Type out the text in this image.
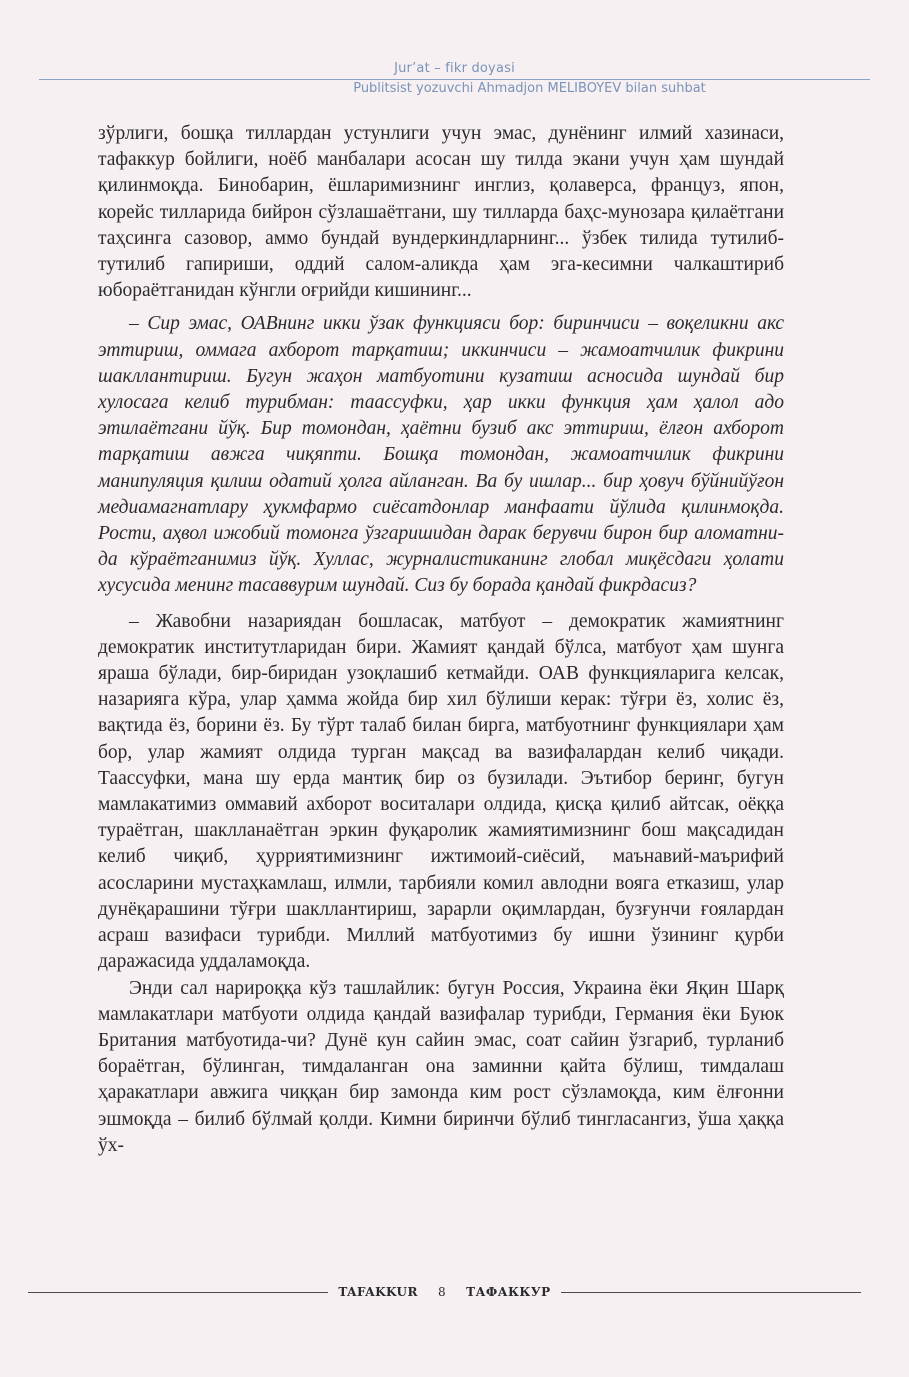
Jur’at – fikr doyasi
Publitsist yozuvchi Ahmadjon MELIBOYEV bilan suhbat

зўрлиги, бошқа тиллардан устунлиги учун эмас, дунёнинг илмий хазинаси, тафаккур бойлиги, ноёб манбалари асосан шу тилда экани учун ҳам шундай қилинмоқда. Бинобарин, ёшларимизнинг инглиз, қолаверса, француз, япон, корейс тилларида бийрон сўзлашаётгани, шу тилларда баҳс-мунозара қилаётгани таҳсинга сазовор, аммо бундай вундеркиндларнинг... ўзбек тилида тутилиб-тутилиб гапириши, оддий салом-аликда ҳам эга-кесимни чалкаштириб юбораётганидан кўнгли оғрийди кишининг...

– Сир эмас, ОАВнинг икки ўзак функцияси бор: биринчиси – воқеликни акс эттириш, оммага ахборот тарқатиш; иккинчиси – жамоатчилик фикрини шакллантириш. Бугун жаҳон матбуотини кузатиш асносида шундай бир хулосага келиб турибман: таассуфки, ҳар икки функция ҳам ҳалол адо этилаётгани йўқ. Бир томондан, ҳаётни бузиб акс эттириш, ёлғон ахборот тарқатиш авжга чиқяпти. Бошқа томондан, жамоатчилик фикрини манипуляция қилиш одатий ҳолга айланган. Ва бу ишлар... бир ҳовуч бўйнийўғон медиамагнатлару ҳукмфармо сиёсатдонлар манфаати йўлида қилинмоқда. Рости, аҳвол ижобий томонга ўзгаришидан дарак берувчи бирон бир аломатни-да кўраётганимиз йўқ. Хуллас, журналистиканинг глобал миқёсдаги ҳолати хусусида менинг тасаввурим шундай. Сиз бу борада қандай фикрдасиз?

– Жавобни назариядан бошласак, матбуот – демократик жамиятнинг демократик институтларидан бири. Жамият қандай бўлса, матбуот ҳам шунга яраша бўлади, бир-биридан узоқлашиб кетмайди. ОАВ функцияларига келсак, назарияга кўра, улар ҳамма жойда бир хил бўлиши керак: тўғри ёз, холис ёз, вақтида ёз, борини ёз. Бу тўрт талаб билан бирга, матбуотнинг функциялари ҳам бор, улар жамият олдида турган мақсад ва вазифалардан келиб чиқади. Таассуфки, мана шу ерда мантиқ бир оз бузилади. Эътибор беринг, бугун мамлакатимиз оммавий ахборот воситалари олдида, қисқа қилиб айтсак, оёққа тураётган, шаклланаётган эркин фуқаролик жамиятимизнинг бош мақсадидан келиб чиқиб, ҳурриятимизнинг ижтимоий-сиёсий, маънавий-маърифий асосларини мустаҳкамлаш, илмли, тарбияли комил авлодни вояга етказиш, улар дунёқарашини тўғри шакллантириш, зарарли оқимлардан, бузғунчи ғоялардан асраш вазифаси турибди. Миллий матбуотимиз бу ишни ўзининг қурби даражасида уддаламоқда.

Энди сал нарироққа кўз ташлайлик: бугун Россия, Украина ёки Яқин Шарқ мамлакатлари матбуоти олдида қандай вазифалар турибди, Германия ёки Буюк Британия матбуотида-чи? Дунё кун сайин эмас, соат сайин ўзгариб, турланиб бораётган, бўлинган, тимдаланган она заминни қайта бўлиш, тимдалаш ҳаракатлари авжига чиққан бир замонда ким рост сўзламоқда, ким ёлғонни эшмоқда – билиб бўлмай қолди. Кимни биринчи бўлиб тингласангиз, ўша ҳаққа ўх-

TAFAKKUR 8 ТАФАККУР
